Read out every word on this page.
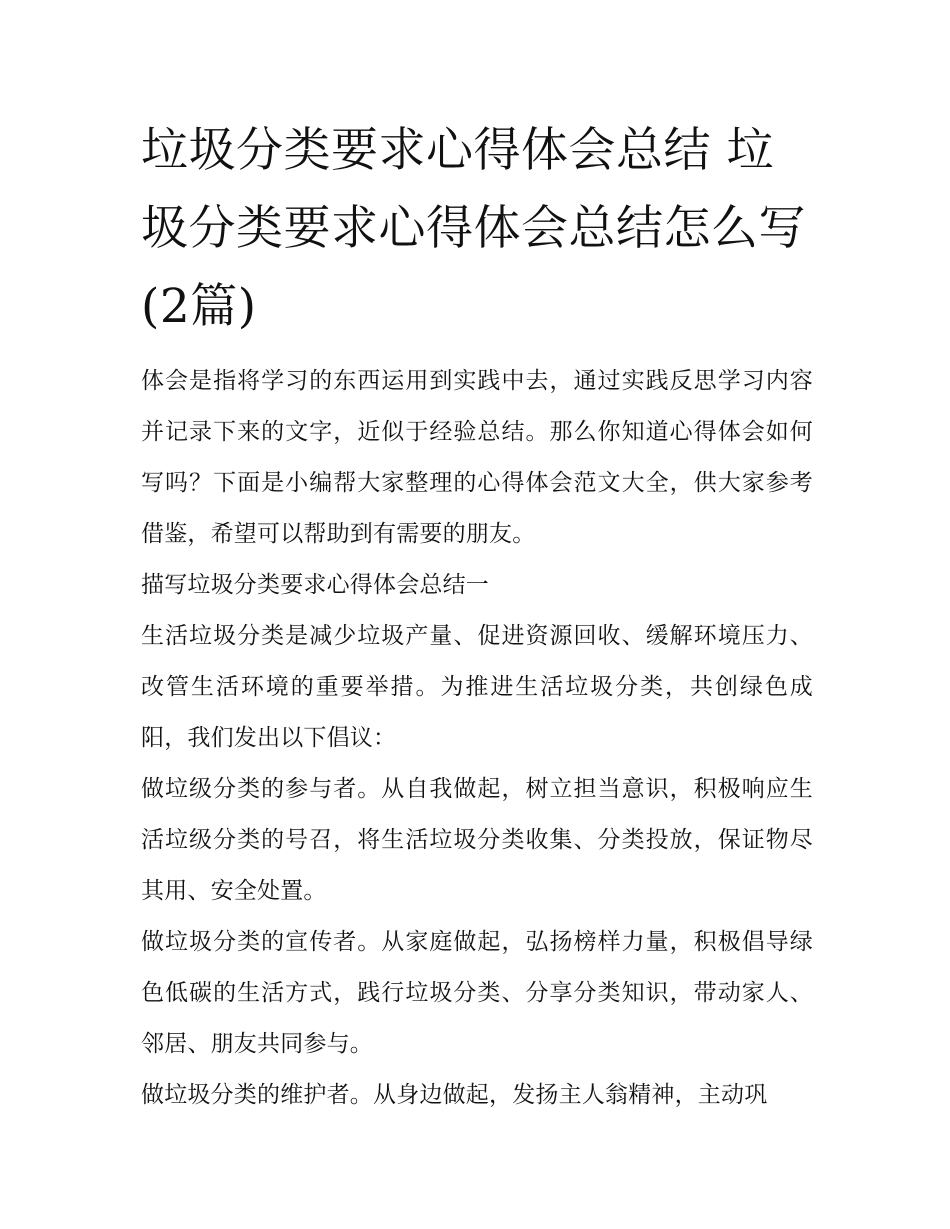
垃圾分类要求心得体会总结 垃圾分类要求心得体会总结怎么写(2篇)

体会是指将学习的东西运用到实践中去，通过实践反思学习内容并记录下来的文字，近似于经验总结。那么你知道心得体会如何写吗？下面是小编帮大家整理的心得体会范文大全，供大家参考借鉴，希望可以帮助到有需要的朋友。

描写垃圾分类要求心得体会总结一

生活垃圾分类是减少垃圾产量、促进资源回收、缓解环境压力、改管生活环境的重要举措。为推进生活垃圾分类，共创绿色成阳，我们发出以下倡议：

做垃级分类的参与者。从自我做起，树立担当意识，积极响应生活垃级分类的号召，将生活垃圾分类收集、分类投放，保证物尽其用、安全处置。

做垃圾分类的宣传者。从家庭做起，弘扬榜样力量，积极倡导绿色低碳的生活方式，践行垃圾分类、分享分类知识，带动家人、邻居、朋友共同参与。

做垃圾分类的维护者。从身边做起，发扬主人翁精神，主动巩
